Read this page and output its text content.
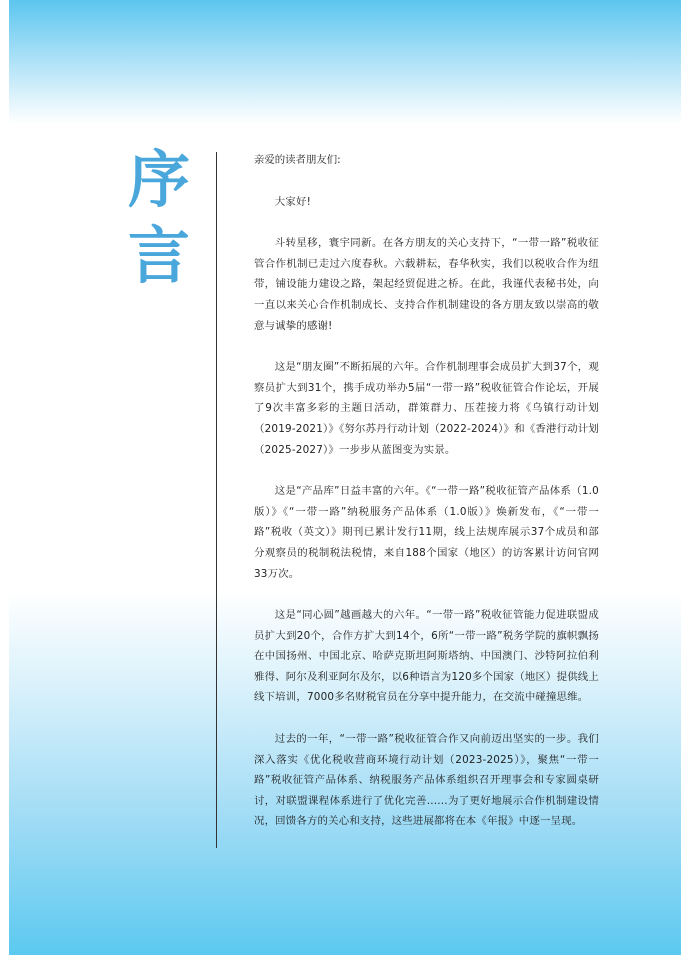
序
言

亲爱的读者朋友们:

大家好!

斗转星移，寰宇同新。在各方朋友的关心支持下，“一带一路”税收征管合作机制已走过六度春秋。六载耕耘，春华秋实，我们以税收合作为纽带，铺设能力建设之路，架起经贸促进之桥。在此，我谨代表秘书处，向一直以来关心合作机制成长、支持合作机制建设的各方朋友致以崇高的敬意与诚挚的感谢!

这是“朋友圈”不断拓展的六年。合作机制理事会成员扩大到37个，观察员扩大到31个，携手成功举办5届“一带一路”税收征管合作论坛，开展了9次丰富多彩的主题日活动，群策群力、压茬接力将《乌镇行动计划（2019-2021）》《努尔苏丹行动计划（2022-2024）》和《香港行动计划（2025-2027）》一步步从蓝图变为实景。

这是“产品库”日益丰富的六年。《“一带一路”税收征管产品体系（1.0版）》《“一带一路”纳税服务产品体系（1.0版）》焕新发布，《“一带一路”税收（英文）》期刊已累计发行11期，线上法规库展示37个成员和部分观察员的税制税法税情，来自188个国家（地区）的访客累计访问官网33万次。

这是“同心圆”越画越大的六年。“一带一路”税收征管能力促进联盟成员扩大到20个，合作方扩大到14个，6所“一带一路”税务学院的旗帜飘扬在中国扬州、中国北京、哈萨克斯坦阿斯塔纳、中国澳门、沙特阿拉伯利雅得、阿尔及利亚阿尔及尔，以6种语言为120多个国家（地区）提供线上线下培训，7000多名财税官员在分享中提升能力，在交流中碰撞思维。

过去的一年，“一带一路”税收征管合作又向前迈出坚实的一步。我们深入落实《优化税收营商环境行动计划（2023-2025）》，聚焦“一带一路”税收征管产品体系、纳税服务产品体系组织召开理事会和专家圆桌研讨，对联盟课程体系进行了优化完善......为了更好地展示合作机制建设情况，回馈各方的关心和支持，这些进展都将在本《年报》中逐一呈现。
